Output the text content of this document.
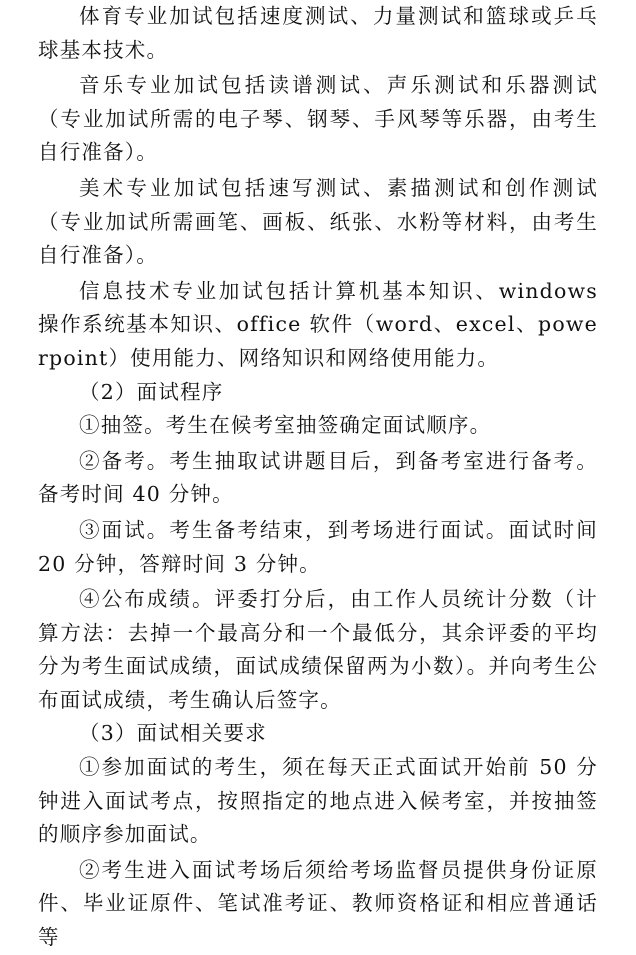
体育专业加试包括速度测试、力量测试和篮球或乒乓球基本技术。

音乐专业加试包括读谱测试、声乐测试和乐器测试（专业加试所需的电子琴、钢琴、手风琴等乐器，由考生自行准备）。

美术专业加试包括速写测试、素描测试和创作测试（专业加试所需画笔、画板、纸张、水粉等材料，由考生自行准备）。

信息技术专业加试包括计算机基本知识、windows 操作系统基本知识、office 软件（word、excel、powerpoint）使用能力、网络知识和网络使用能力。

（2）面试程序

①抽签。考生在候考室抽签确定面试顺序。

②备考。考生抽取试讲题目后，到备考室进行备考。备考时间 40 分钟。

③面试。考生备考结束，到考场进行面试。面试时间 20 分钟，答辩时间 3 分钟。

④公布成绩。评委打分后，由工作人员统计分数（计算方法：去掉一个最高分和一个最低分，其余评委的平均分为考生面试成绩，面试成绩保留两为小数）。并向考生公布面试成绩，考生确认后签字。

（3）面试相关要求

①参加面试的考生，须在每天正式面试开始前 50 分钟进入面试考点，按照指定的地点进入候考室，并按抽签的顺序参加面试。

②考生进入面试考场后须给考场监督员提供身份证原件、毕业证原件、笔试准考证、教师资格证和相应普通话等
